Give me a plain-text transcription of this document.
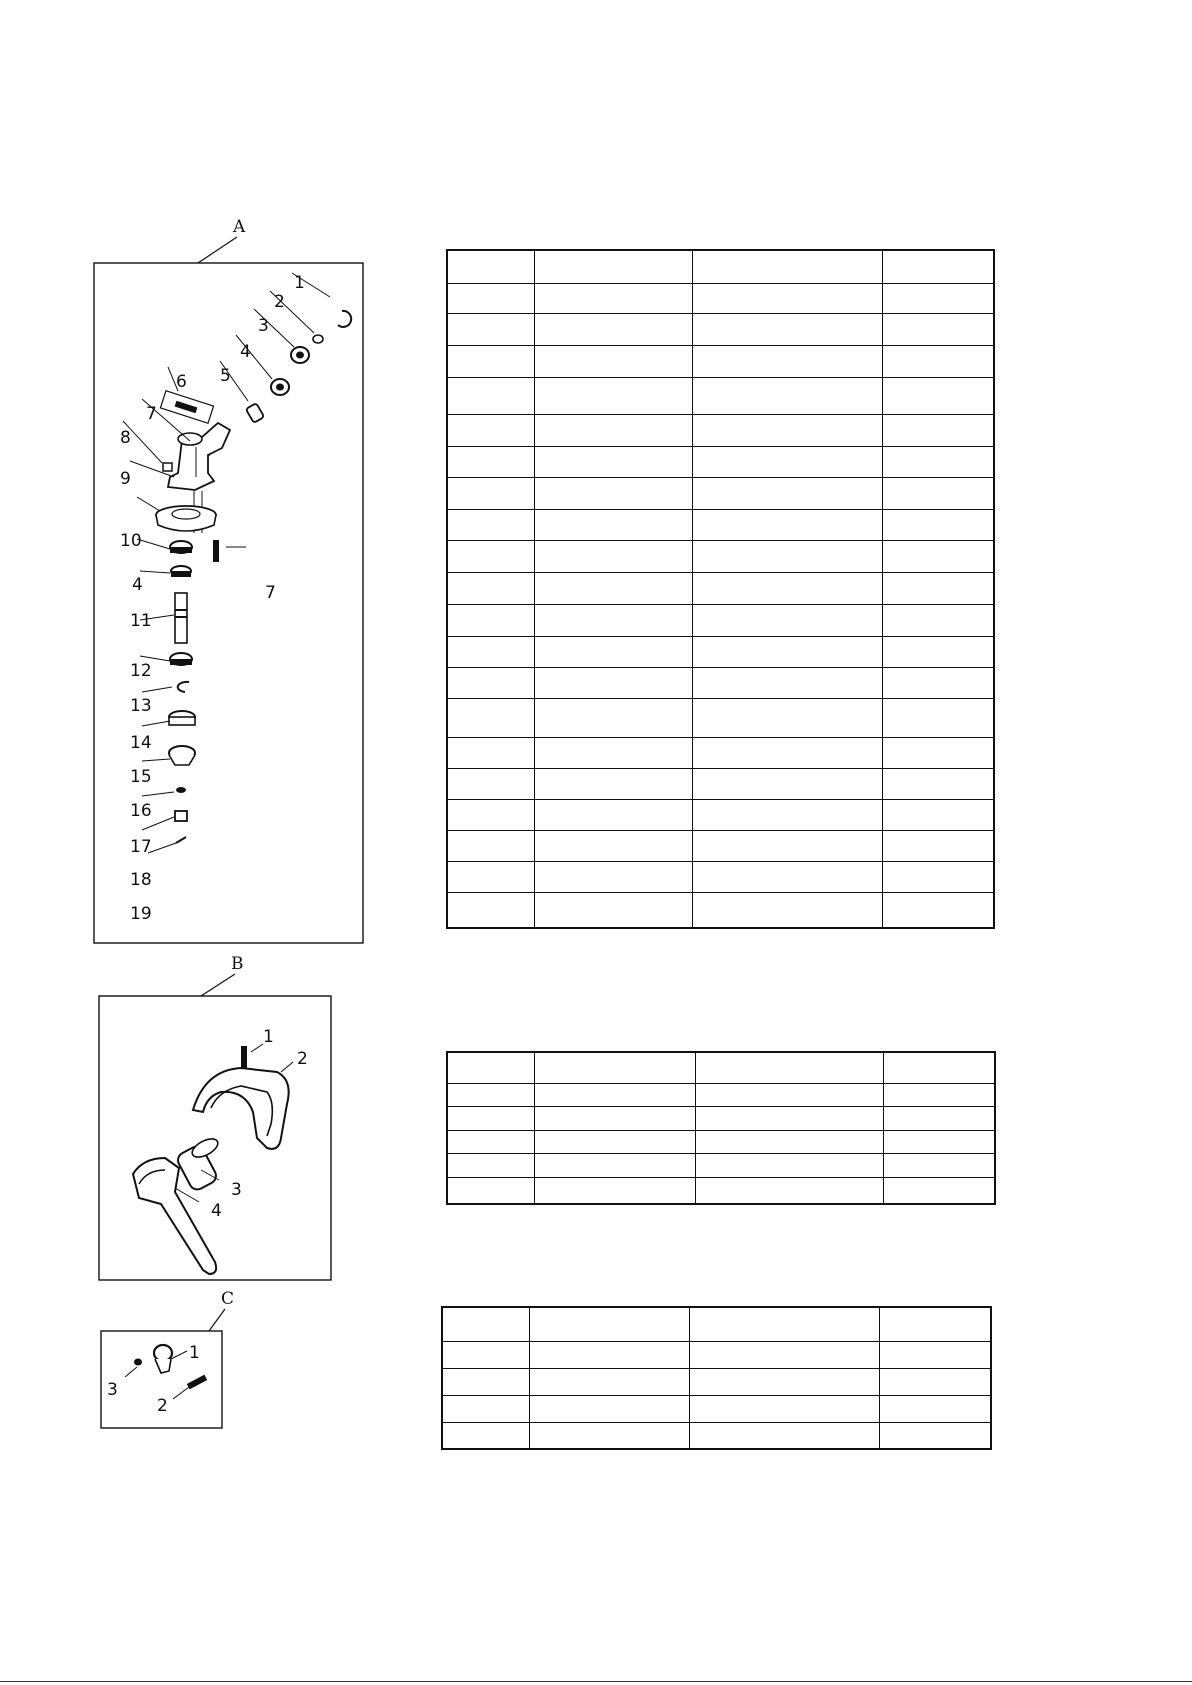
A
1
2
3
4
5
6
7
8
9
10
4	7
11
12
13
14
15
16
17
18
19
B
1
2
3
4
C
1
2
3
